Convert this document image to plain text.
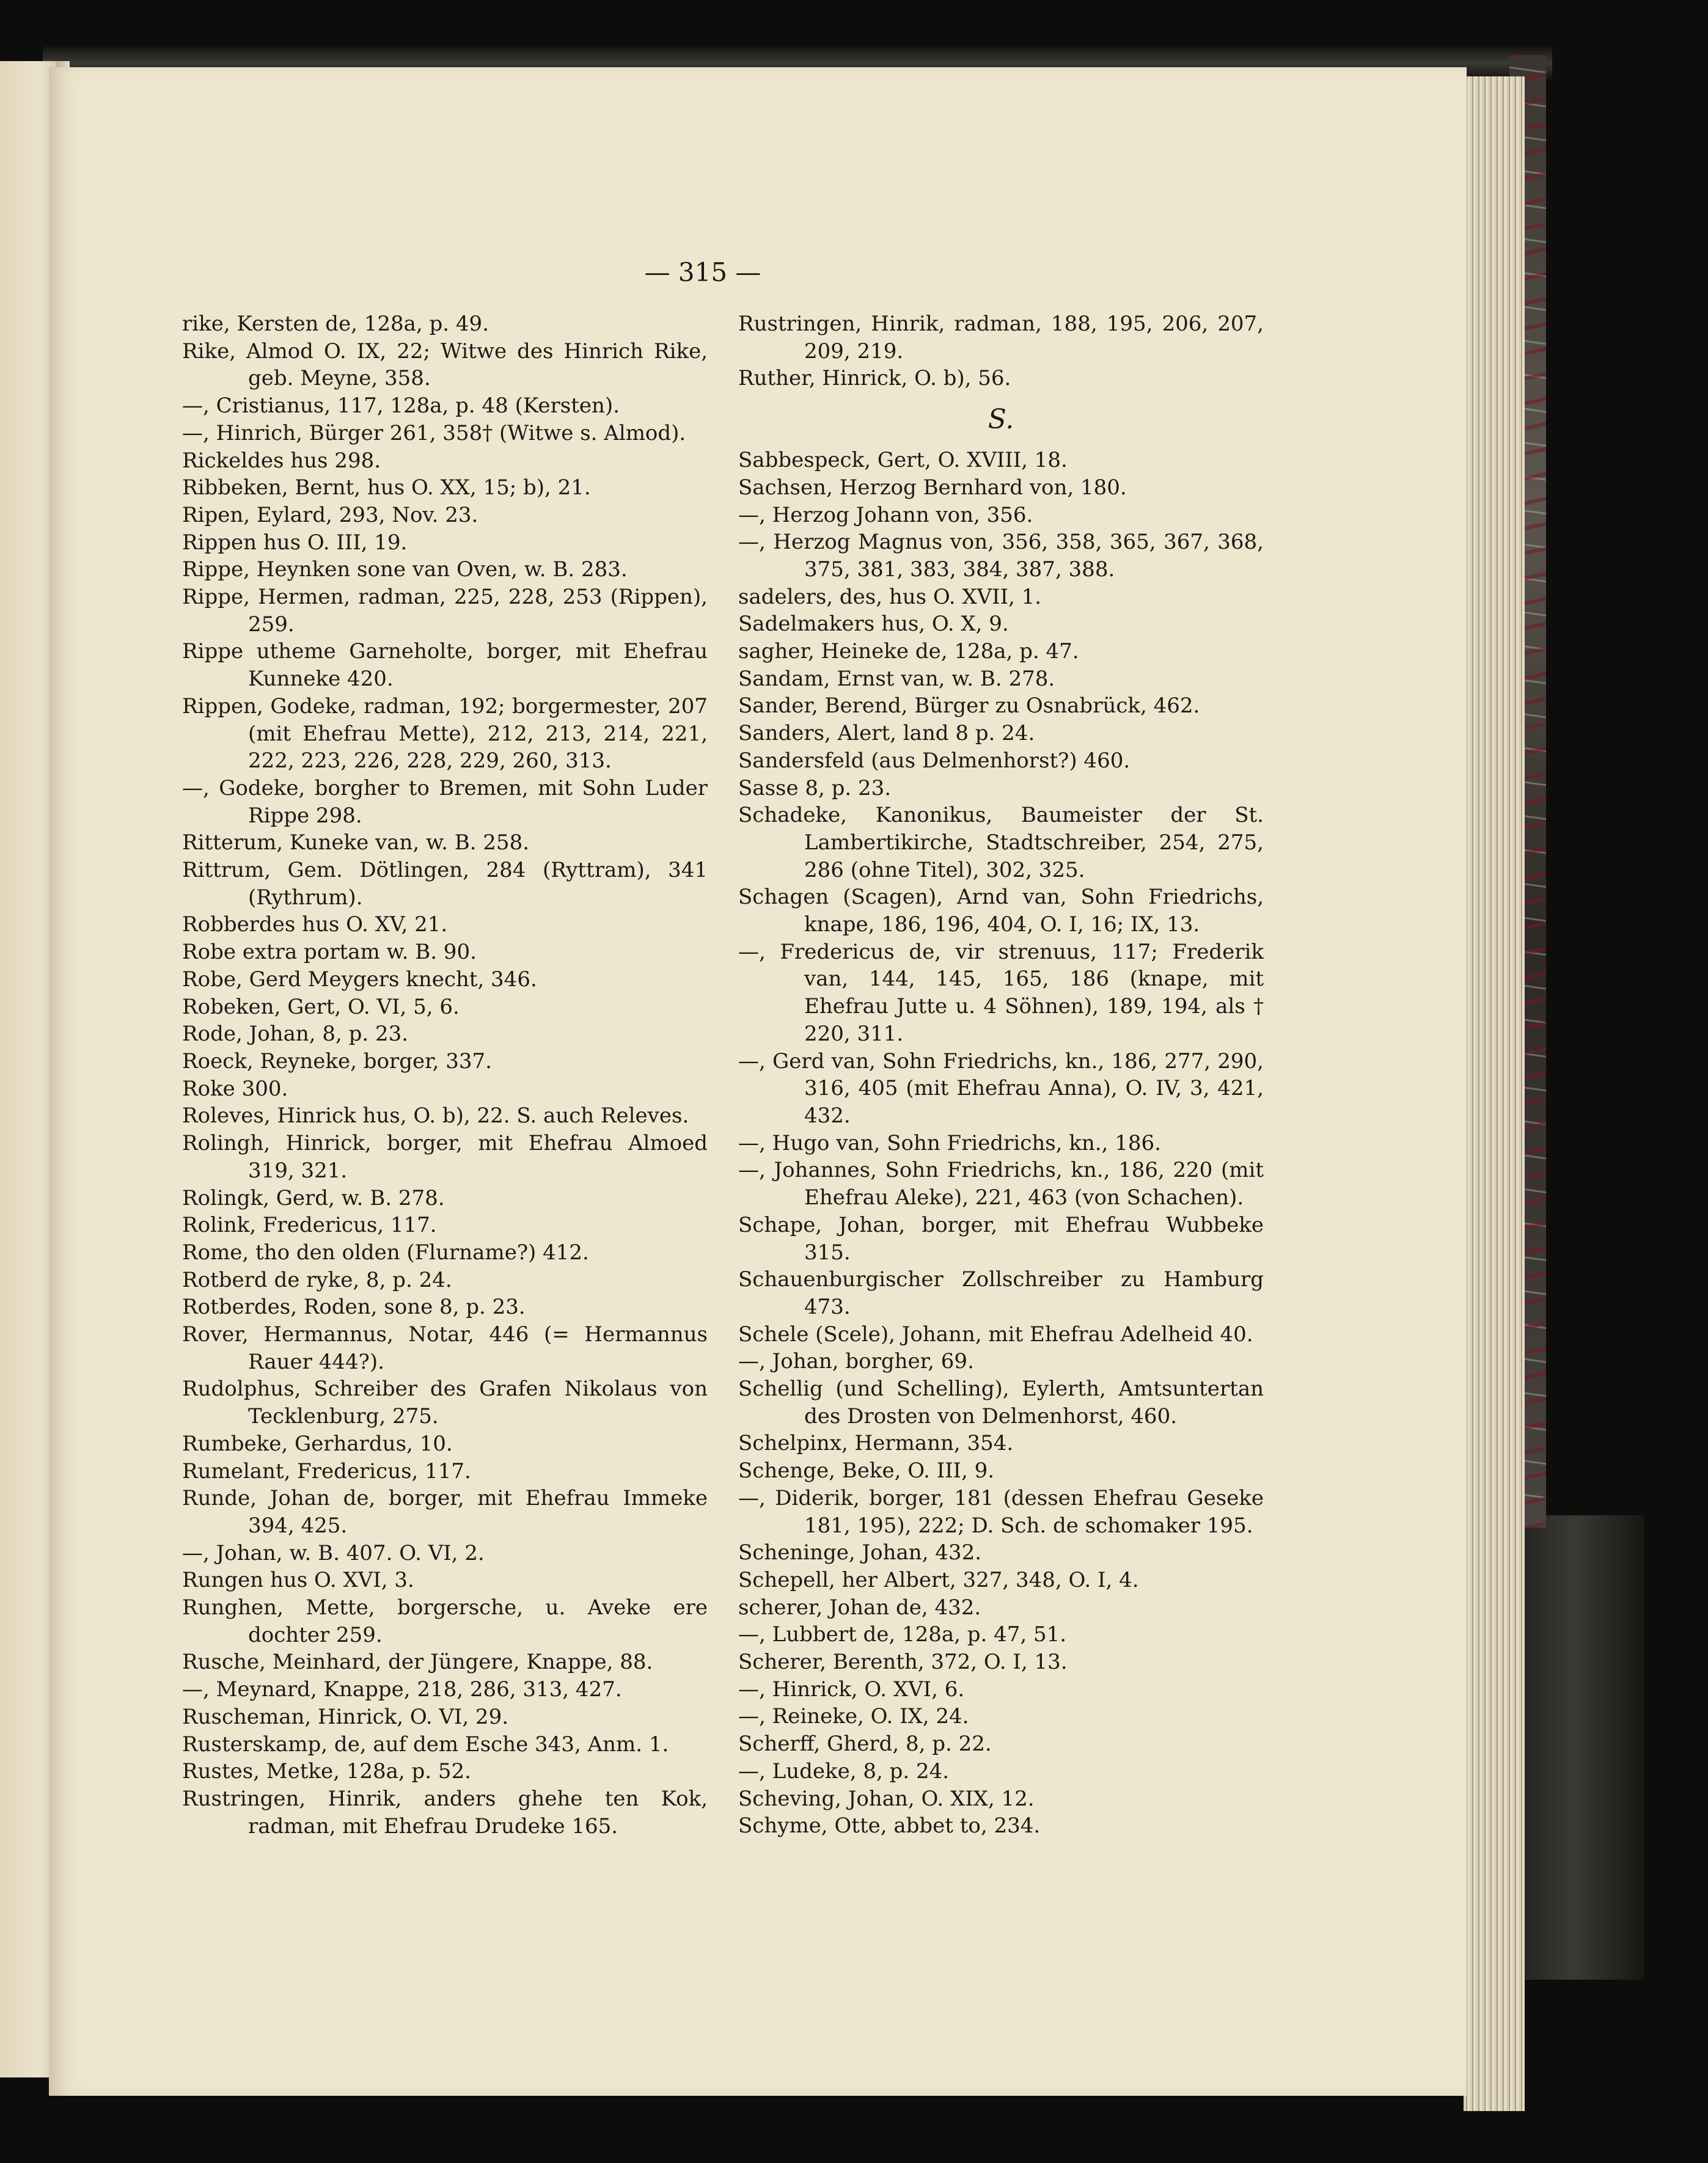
— 315 —

rike, Kersten de, 128a, p. 49.

Rike, Almod O. IX, 22; Witwe des Hinrich Rike, geb. Meyne, 358.

—, Cristianus, 117, 128a, p. 48 (Kersten).

—, Hinrich, Bürger 261, 358† (Witwe s. Almod).

Rickeldes hus 298.

Ribbeken, Bernt, hus O. XX, 15; b), 21.

Ripen, Eylard, 293, Nov. 23.

Rippen hus O. III, 19.

Rippe, Heynken sone van Oven, w. B. 283.

Rippe, Hermen, radman, 225, 228, 253 (Rippen), 259.

Rippe utheme Garneholte, borger, mit Ehefrau Kunneke 420.

Rippen, Godeke, radman, 192; borgermester, 207 (mit Ehefrau Mette), 212, 213, 214, 221, 222, 223, 226, 228, 229, 260, 313.

—, Godeke, borgher to Bremen, mit Sohn Luder Rippe 298.

Ritterum, Kuneke van, w. B. 258.

Rittrum, Gem. Dötlingen, 284 (Ryttram), 341 (Rythrum).

Robberdes hus O. XV, 21.

Robe extra portam w. B. 90.

Robe, Gerd Meygers knecht, 346.

Robeken, Gert, O. VI, 5, 6.

Rode, Johan, 8, p. 23.

Roeck, Reyneke, borger, 337.

Roke 300.

Roleves, Hinrick hus, O. b), 22. S. auch Releves.

Rolingh, Hinrick, borger, mit Ehefrau Almoed 319, 321.

Rolingk, Gerd, w. B. 278.

Rolink, Fredericus, 117.

Rome, tho den olden (Flurname?) 412.

Rotberd de ryke, 8, p. 24.

Rotberdes, Roden, sone 8, p. 23.

Rover, Hermannus, Notar, 446 (= Hermannus Rauer 444?).

Rudolphus, Schreiber des Grafen Nikolaus von Tecklenburg, 275.

Rumbeke, Gerhardus, 10.

Rumelant, Fredericus, 117.

Runde, Johan de, borger, mit Ehefrau Immeke 394, 425.

—, Johan, w. B. 407. O. VI, 2.

Rungen hus O. XVI, 3.

Runghen, Mette, borgersche, u. Aveke ere dochter 259.

Rusche, Meinhard, der Jüngere, Knappe, 88.

—, Meynard, Knappe, 218, 286, 313, 427.

Ruscheman, Hinrick, O. VI, 29.

Rusterskamp, de, auf dem Esche 343, Anm. 1.

Rustes, Metke, 128a, p. 52.

Rustringen, Hinrik, anders ghehe ten Kok, radman, mit Ehefrau Drudeke 165.

Rustringen, Hinrik, radman, 188, 195, 206, 207, 209, 219.

Ruther, Hinrick, O. b), 56.

S.

Sabbespeck, Gert, O. XVIII, 18.

Sachsen, Herzog Bernhard von, 180.

—, Herzog Johann von, 356.

—, Herzog Magnus von, 356, 358, 365, 367, 368, 375, 381, 383, 384, 387, 388.

sadelers, des, hus O. XVII, 1.

Sadelmakers hus, O. X, 9.

sagher, Heineke de, 128a, p. 47.

Sandam, Ernst van, w. B. 278.

Sander, Berend, Bürger zu Osnabrück, 462.

Sanders, Alert, land 8 p. 24.

Sandersfeld (aus Delmenhorst?) 460.

Sasse 8, p. 23.

Schadeke, Kanonikus, Baumeister der St. Lambertikirche, Stadtschreiber, 254, 275, 286 (ohne Titel), 302, 325.

Schagen (Scagen), Arnd van, Sohn Friedrichs, knape, 186, 196, 404, O. I, 16; IX, 13.

—, Fredericus de, vir strenuus, 117; Frederik van, 144, 145, 165, 186 (knape, mit Ehefrau Jutte u. 4 Söhnen), 189, 194, als † 220, 311.

—, Gerd van, Sohn Friedrichs, kn., 186, 277, 290, 316, 405 (mit Ehefrau Anna), O. IV, 3, 421, 432.

—, Hugo van, Sohn Friedrichs, kn., 186.

—, Johannes, Sohn Friedrichs, kn., 186, 220 (mit Ehefrau Aleke), 221, 463 (von Schachen).

Schape, Johan, borger, mit Ehefrau Wubbeke 315.

Schauenburgischer Zollschreiber zu Hamburg 473.

Schele (Scele), Johann, mit Ehefrau Adelheid 40.

—, Johan, borgher, 69.

Schellig (und Schelling), Eylerth, Amtsuntertan des Drosten von Delmenhorst, 460.

Schelpinx, Hermann, 354.

Schenge, Beke, O. III, 9.

—, Diderik, borger, 181 (dessen Ehefrau Geseke 181, 195), 222; D. Sch. de schomaker 195.

Scheninge, Johan, 432.

Schepell, her Albert, 327, 348, O. I, 4.

scherer, Johan de, 432.

—, Lubbert de, 128a, p. 47, 51.

Scherer, Berenth, 372, O. I, 13.

—, Hinrick, O. XVI, 6.

—, Reineke, O. IX, 24.

Scherff, Gherd, 8, p. 22.

—, Ludeke, 8, p. 24.

Scheving, Johan, O. XIX, 12.

Schyme, Otte, abbet to, 234.
